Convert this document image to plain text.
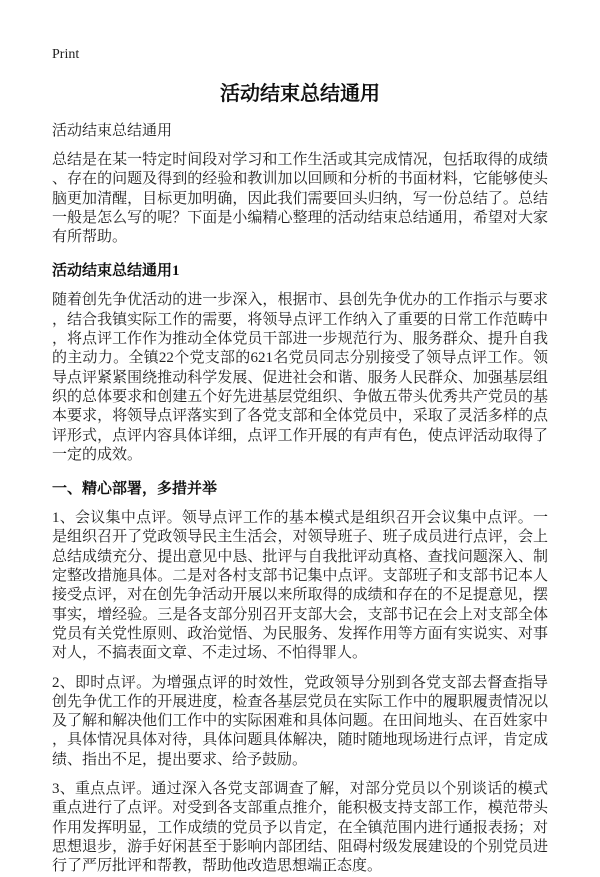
Print
活动结束总结通用

活动结束总结通用

总结是在某一特定时间段对学习和工作生活或其完成情况，包括取得的成绩、存在的问题及得到的经验和教训加以回顾和分析的书面材料，它能够使头脑更加清醒，目标更加明确，因此我们需要回头归纳，写一份总结了。总结一般是怎么写的呢？下面是小编精心整理的活动结束总结通用，希望对大家有所帮助。

活动结束总结通用1

随着创先争优活动的进一步深入，根据市、县创先争优办的工作指示与要求，结合我镇实际工作的需要，将领导点评工作纳入了重要的日常工作范畴中，将点评工作作为推动全体党员干部进一步规范行为、服务群众、提升自我的主动力。全镇22个党支部的621名党员同志分别接受了领导点评工作。领导点评紧紧围绕推动科学发展、促进社会和谐、服务人民群众、加强基层组织的总体要求和创建五个好先进基层党组织、争做五带头优秀共产党员的基本要求，将领导点评落实到了各党支部和全体党员中，采取了灵活多样的点评形式，点评内容具体详细，点评工作开展的有声有色，使点评活动取得了一定的成效。

一、精心部署，多措并举

1、会议集中点评。领导点评工作的基本模式是组织召开会议集中点评。一是组织召开了党政领导民主生活会，对领导班子、班子成员进行点评，会上总结成绩充分、提出意见中恳、批评与自我批评动真格、查找问题深入、制定整改措施具体。二是对各村支部书记集中点评。支部班子和支部书记本人接受点评，对在创先争活动开展以来所取得的成绩和存在的不足提意见，摆事实，增经验。三是各支部分别召开支部大会，支部书记在会上对支部全体党员有关党性原则、政治觉悟、为民服务、发挥作用等方面有实说实、对事对人，不搞表面文章、不走过场、不怕得罪人。

2、即时点评。为增强点评的时效性，党政领导分别到各党支部去督查指导创先争优工作的开展进度，检查各基层党员在实际工作中的履职履责情况以及了解和解决他们工作中的实际困难和具体问题。在田间地头、在百姓家中，具体情况具体对待，具体问题具体解决，随时随地现场进行点评，肯定成绩、指出不足，提出要求、给予鼓励。

3、重点点评。通过深入各党支部调查了解，对部分党员以个别谈话的模式重点进行了点评。对受到各支部重点推介，能积极支持支部工作，模范带头作用发挥明显，工作成绩的党员予以肯定，在全镇范围内进行通报表扬；对思想退步，游手好闲甚至于影响内部团结、阻碍村级发展建设的个别党员进行了严厉批评和帮教，帮助他改造思想端正态度。
